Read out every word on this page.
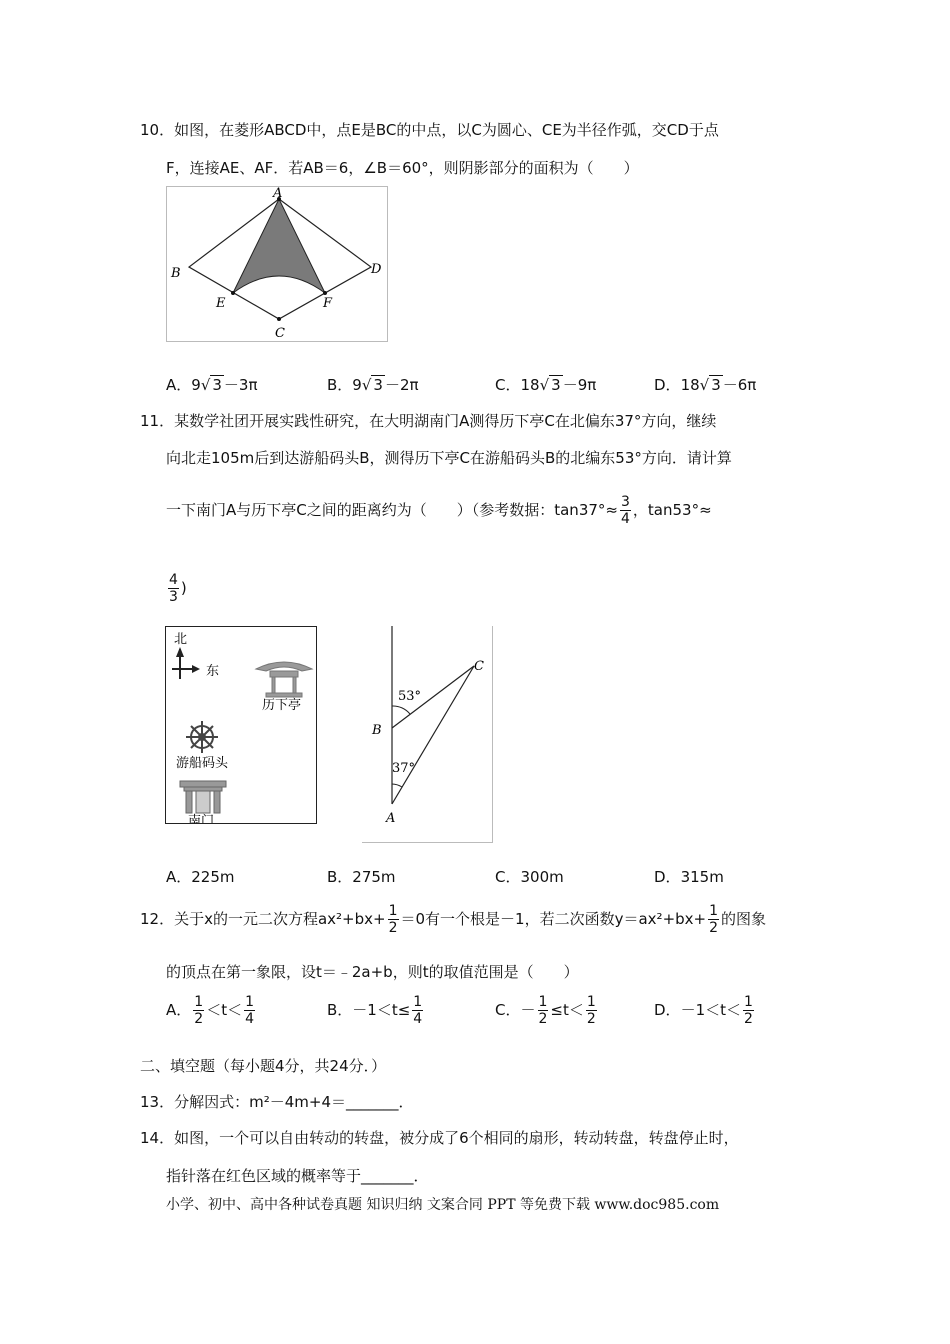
10．如图，在菱形ABCD中，点E是BC的中点，以C为圆心、CE为半径作弧，交CD于点
F，连接AE、AF．若AB＝6，∠B＝60°，则阴影部分的面积为（　　）
A
B
C
D
E	F
A．9√ 3 －3π	B．9√ 3 －2π	C．18√ 3 －9π	D．18√ 3 －6π
11．某数学社团开展实践性研究，在大明湖南门A测得历下亭C在北偏东37°方向，继续
向北走105m后到达游船码头B，测得历下亭C在游船码头B的北编东53°方向．请计算
一下南门A与历下亭C之间的距离约为（　　）（参考数据：$\tan 37^\circ\approx \frac{3}{4}$ ，tan53°≈
$\frac{4}{3}$ )
北
东
历下亭
游船码头
南门
53°
37°
C
B
A
A．225m	B．275m	C．300m	D．315m
12．关于x的一元二次方程$ax^2+bx+ \frac{1}{2} =0$有一个根是－1，若二次函数$y=ax^2+bx+ \frac{1}{2}$ 的图象
的顶点在第一象限，设t＝﹣2a+b，则t的取值范围是（　　）
A． $\frac{1}{2} <t< \frac{1}{4}$	B．$-1<t\le \frac{1}{4}$	C．－ $\frac{1}{2} \le t< \frac{1}{2}$	D．$-1<t< \frac{1}{2}$
二、填空题（每小题4分，共24分．）
13．分解因式：m²－4m+4＝_______．
14．如图，一个可以自由转动的转盘，被分成了6个相同的扇形，转动转盘，转盘停止时，
指针落在红色区域的概率等于_______．
小学、初中、高中各种试卷真题 知识归纳 文案合同 PPT 等免费下载 www.doc985.com
